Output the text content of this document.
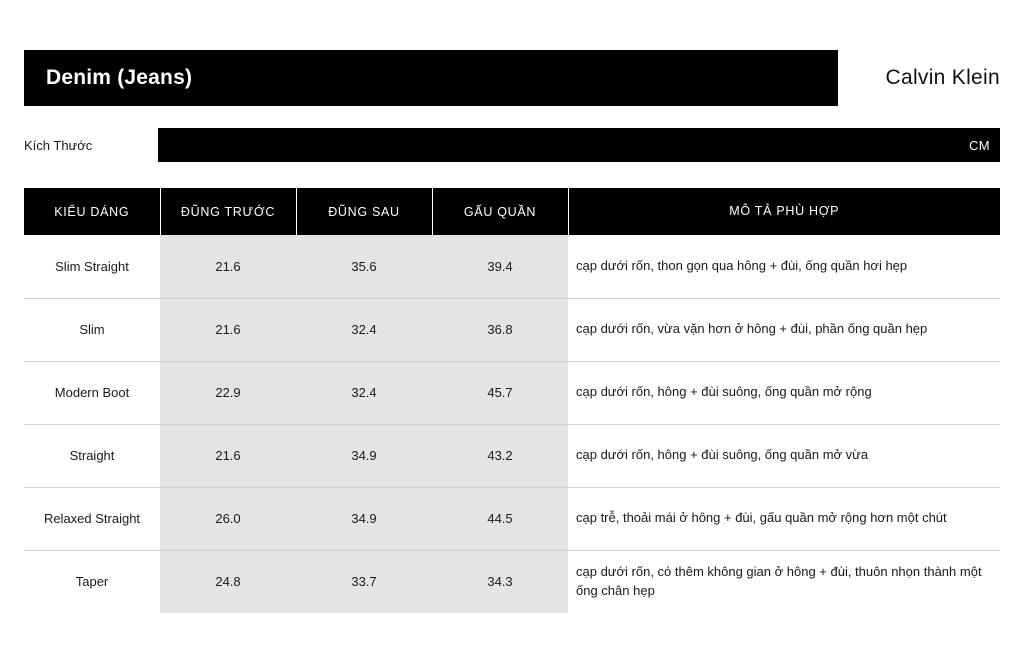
Denim (Jeans)	Calvin Klein
Kích Thước	CM
KIỂU DÁNG	ĐŨNG TRƯỚC	ĐŨNG SAU	GẤU QUẦN	MÔ TẢ PHÙ HỢP
Slim Straight	21.6	35.6	39.4	cạp dưới rốn, thon gọn qua hông + đùi, ống quần hơi hẹp
Slim	21.6	32.4	36.8	cạp dưới rốn, vừa vặn hơn ở hông + đùi, phần ống quần hẹp
Modern Boot	22.9	32.4	45.7	cạp dưới rốn, hông + đùi suông, ống quần mở rộng
Straight	21.6	34.9	43.2	cạp dưới rốn, hông + đùi suông, ống quần mở vừa
Relaxed Straight	26.0	34.9	44.5	cạp trễ, thoải mái ở hông + đùi, gấu quần mở rộng hơn một chút
Taper	24.8	33.7	34.3	cạp dưới rốn, có thêm không gian ở hông + đùi, thuôn nhọn thành một ống chân hẹp
